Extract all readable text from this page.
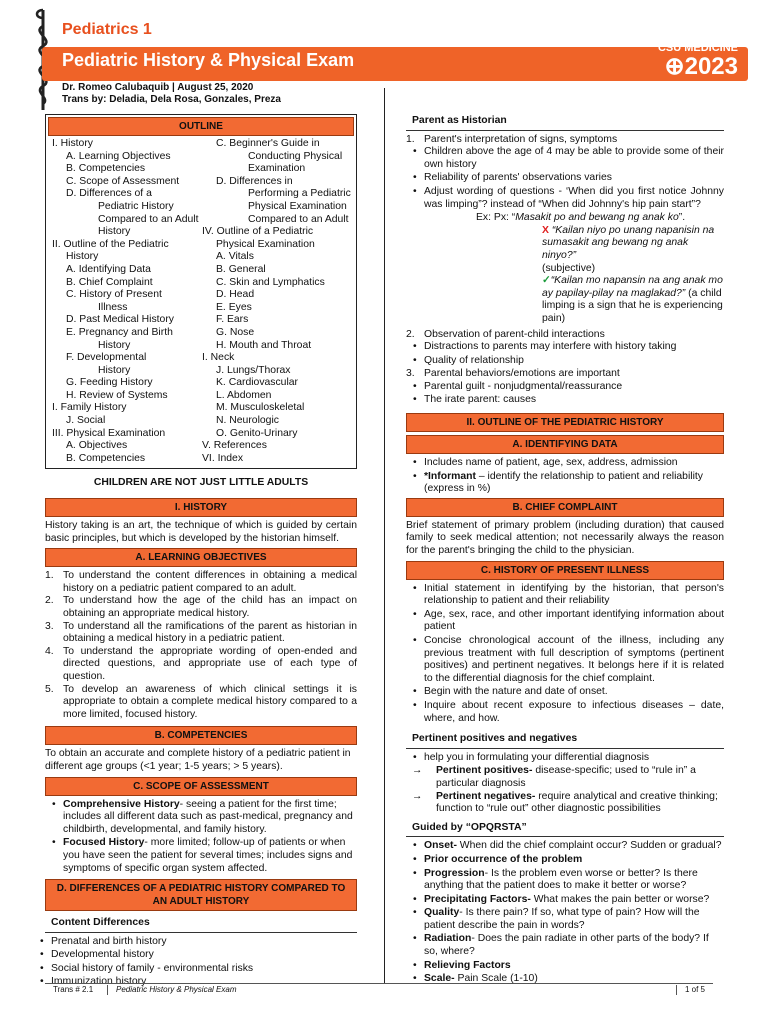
Pediatrics 1
Pediatric History & Physical Exam
CSU MEDICINE
⊕2023
Dr. Romeo Calubaquib | August 25, 2020
Trans by: Deladia, Dela Rosa, Gonzales, Preza
OUTLINE
I. History
A. Learning Objectives
B. Competencies
C. Scope of Assessment
D. Differences of a
Pediatric History
Compared to an Adult
History
II. Outline of the Pediatric
History
A. Identifying Data
B. Chief Complaint
C. History of Present
Illness
D. Past Medical History
E. Pregnancy and Birth
History
F. Developmental
History
G. Feeding History
H. Review of Systems
I. Family History
J. Social
III. Physical Examination
A. Objectives
B. Competencies
C. Beginner's Guide in
Conducting Physical
Examination
D. Differences in
Performing a Pediatric
Physical Examination
Compared to an Adult
IV. Outline of a Pediatric
Physical Examination
A. Vitals
B. General
C. Skin and Lymphatics
D. Head
E. Eyes
F. Ears
G. Nose
H. Mouth and Throat
I. Neck
J. Lungs/Thorax
K. Cardiovascular
L. Abdomen
M. Musculoskeletal
N. Neurologic
O. Genito-Urinary
V. References
VI. Index
CHILDREN ARE NOT JUST LITTLE ADULTS
I. HISTORY

History taking is an art, the technique of which is guided by certain basic principles, but which is developed by the historian himself.

A. LEARNING OBJECTIVES
1. To understand the content differences in obtaining a medical history on a pediatric patient compared to an adult.
2. To understand how the age of the child has an impact on obtaining an appropriate medical history.
3. To understand all the ramifications of the parent as historian in obtaining a medical history in a pediatric patient.
4. To understand the appropriate wording of open-ended and directed questions, and appropriate use of each type of question.
5. To develop an awareness of which clinical settings it is appropriate to obtain a complete medical history compared to a more limited, focused history.
B. COMPETENCIES

To obtain an accurate and complete history of a pediatric patient in different age groups (<1 year; 1-5 years; > 5 years).

C. SCOPE OF ASSESSMENT
• Comprehensive History- seeing a patient for the first time; includes all different data such as past-medical, pregnancy and childbirth, developmental, and family history.
• Focused History- more limited; follow-up of patients or when you have seen the patient for several times; includes signs and symptoms of specific organ system affected.
D. DIFFERENCES OF A PEDIATRIC HISTORY COMPARED TO AN ADULT HISTORY
Content Differences
• Prenatal and birth history
• Developmental history
• Social history of family - environmental risks
• Immunization history
Parent as Historian
1. Parent's interpretation of signs, symptoms
• Children above the age of 4 may be able to provide some of their own history
• Reliability of parents' observations varies
• Adjust wording of questions - ‘When did you first notice Johnny was limping”? instead of “When did Johnny's hip pain start”?
Ex: Px: “Masakit po and bewang ng anak ko”.
X “Kailan niyo po unang napanisin na sumasakit ang bewang ng anak ninyo?”
(subjective)
✓“Kailan mo napansin na ang anak mo ay papilay-pilay na maglakad?” (a child limping is a sign that he is experiencing pain)
2. Observation of parent-child interactions
• Distractions to parents may interfere with history taking
• Quality of relationship
3. Parental behaviors/emotions are important
• Parental guilt - nonjudgmental/reassurance
• The irate parent: causes
II. OUTLINE OF THE PEDIATRIC HISTORY
A. IDENTIFYING DATA
• Includes name of patient, age, sex, address, admission
• *Informant – identify the relationship to patient and reliability (express in %)
B. CHIEF COMPLAINT

Brief statement of primary problem (including duration) that caused family to seek medical attention; not necessarily always the reason for the parent's bringing the child to the physician.

C. HISTORY OF PRESENT ILLNESS
• Initial statement in identifying by the historian, that person's relationship to patient and their reliability
• Age, sex, race, and other important identifying information about patient
• Concise chronological account of the illness, including any previous treatment with full description of symptoms (pertinent positives) and pertinent negatives. It belongs here if it is related to the differential diagnosis for the chief complaint.
• Begin with the nature and date of onset.
• Inquire about recent exposure to infectious diseases – date, where, and how.
Pertinent positives and negatives
• help you in formulating your differential diagnosis
→ Pertinent positives- disease-specific; used to “rule in” a particular diagnosis
→ Pertinent negatives- require analytical and creative thinking; function to “rule out” other diagnostic possibilities
Guided by “OPQRSTA”
• Onset- When did the chief complaint occur? Sudden or gradual?
• Prior occurrence of the problem
• Progression- Is the problem even worse or better? Is there anything that the patient does to make it better or worse?
• Precipitating Factors- What makes the pain better or worse?
• Quality- Is there pain? If so, what type of pain? How will the patient describe the pain in words?
• Radiation- Does the pain radiate in other parts of the body? If so, where?
• Relieving Factors
• Scale- Pain Scale (1-10)
Trans # 2.1	Pediatric History & Physical Exam	1 of 5
